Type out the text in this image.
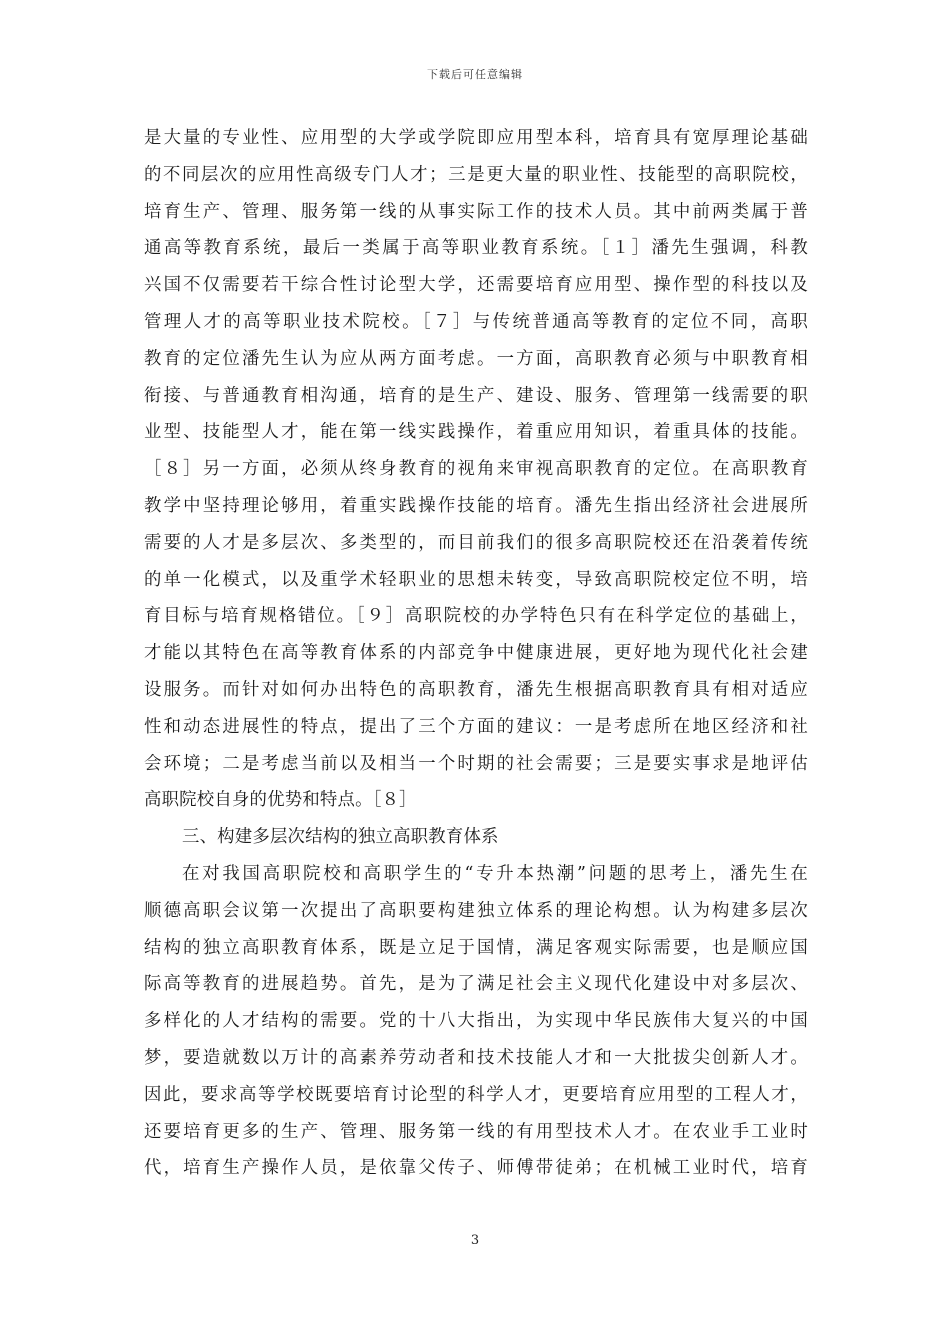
下载后可任意编辑
是大量的专业性、应用型的大学或学院即应用型本科，培育具有宽厚理论基础
的不同层次的应用性高级专门人才；三是更大量的职业性、技能型的高职院校，
培育生产、管理、服务第一线的从事实际工作的技术人员。其中前两类属于普
通高等教育系统，最后一类属于高等职业教育系统。［１］潘先生强调，科教
兴国不仅需要若干综合性讨论型大学，还需要培育应用型、操作型的科技以及
管理人才的高等职业技术院校。［７］与传统普通高等教育的定位不同，高职
教育的定位潘先生认为应从两方面考虑。一方面，高职教育必须与中职教育相
衔接、与普通教育相沟通，培育的是生产、建设、服务、管理第一线需要的职
业型、技能型人才，能在第一线实践操作，着重应用知识，着重具体的技能。
［８］另一方面，必须从终身教育的视角来审视高职教育的定位。在高职教育
教学中坚持理论够用，着重实践操作技能的培育。潘先生指出经济社会进展所
需要的人才是多层次、多类型的，而目前我们的很多高职院校还在沿袭着传统
的单一化模式，以及重学术轻职业的思想未转变，导致高职院校定位不明，培
育目标与培育规格错位。［９］高职院校的办学特色只有在科学定位的基础上，
才能以其特色在高等教育体系的内部竞争中健康进展，更好地为现代化社会建
设服务。而针对如何办出特色的高职教育，潘先生根据高职教育具有相对适应
性和动态进展性的特点，提出了三个方面的建议：一是考虑所在地区经济和社
会环境；二是考虑当前以及相当一个时期的社会需要；三是要实事求是地评估
高职院校自身的优势和特点。［８］
三、构建多层次结构的独立高职教育体系
在对我国高职院校和高职学生的“专升本热潮”问题的思考上，潘先生在
顺德高职会议第一次提出了高职要构建独立体系的理论构想。认为构建多层次
结构的独立高职教育体系，既是立足于国情，满足客观实际需要，也是顺应国
际高等教育的进展趋势。首先，是为了满足社会主义现代化建设中对多层次、
多样化的人才结构的需要。党的十八大指出，为实现中华民族伟大复兴的中国
梦，要造就数以万计的高素养劳动者和技术技能人才和一大批拔尖创新人才。
因此，要求高等学校既要培育讨论型的科学人才，更要培育应用型的工程人才，
还要培育更多的生产、管理、服务第一线的有用型技术人才。在农业手工业时
代，培育生产操作人员，是依靠父传子、师傅带徒弟；在机械工业时代，培育
3
